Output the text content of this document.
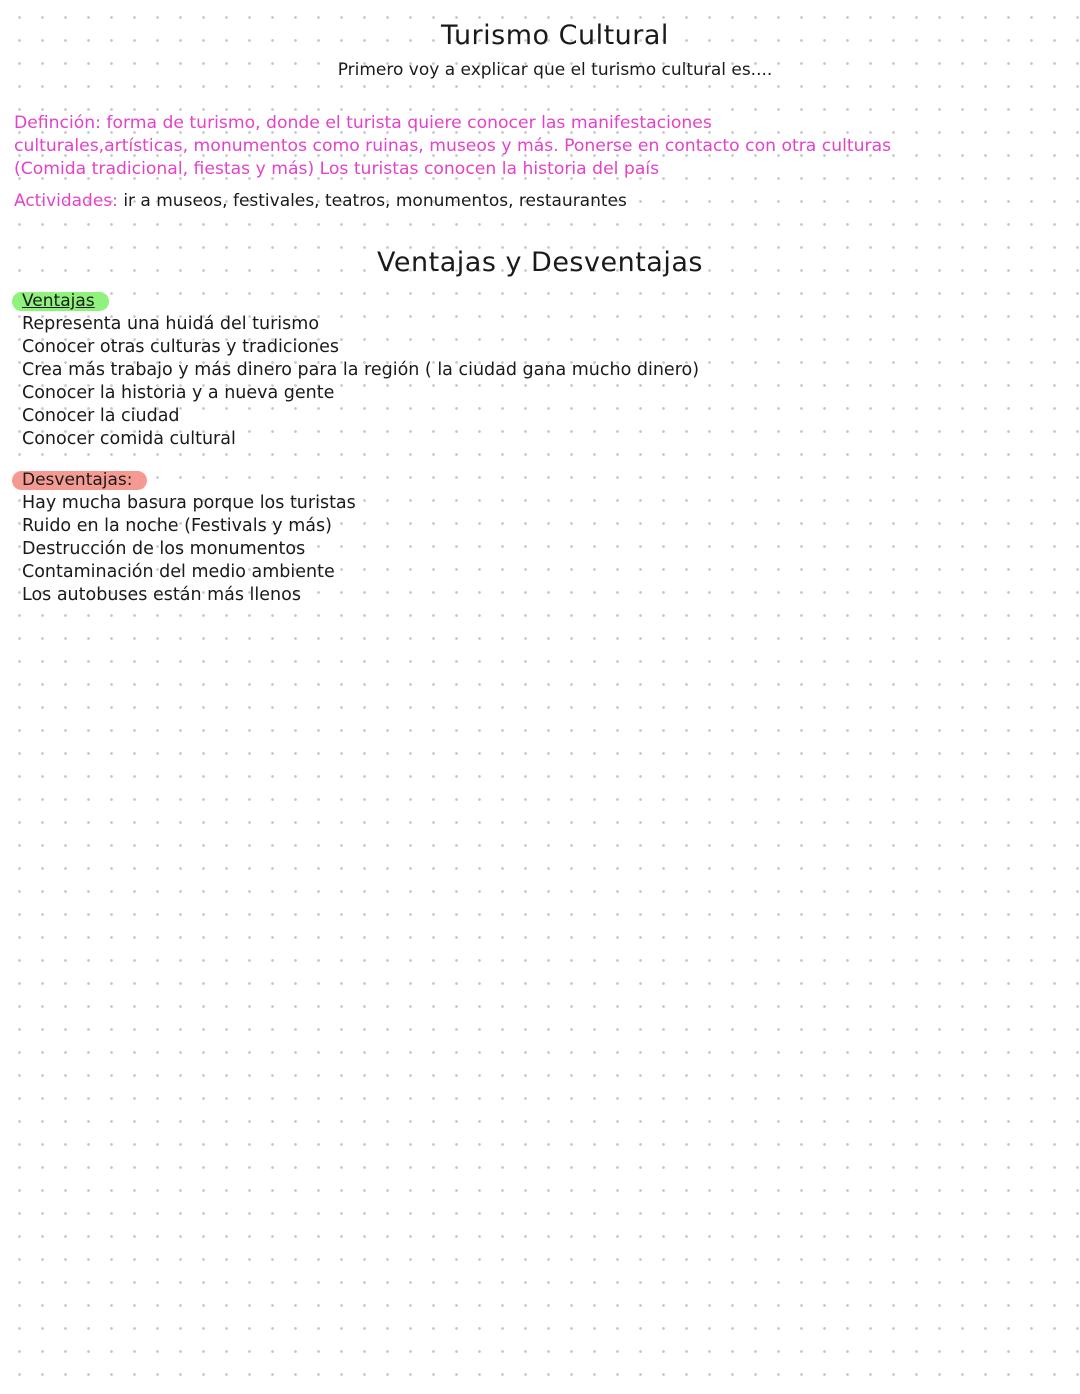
Turismo Cultural
Primero voy a explicar que el turismo cultural es....

Definción: forma de turismo, donde el turista quiere conocer las manifestaciones
culturales,artísticas, monumentos como ruinas, museos y más. Ponerse en contacto con otra culturas
(Comida tradicional, fiestas y más) Los turistas conocen la historia del país

Actividades: ir a museos, festivales, teatros, monumentos, restaurantes
Ventajas y Desventajas
Ventajas
Representa una huidá del turismo
Conocer otras culturas y tradiciones
Crea más trabajo y más dinero para la región ( la ciudad gana mucho dinero)
Conocer la historia y a nueva gente
Conocer la ciudad
Conocer comida cultural
Desventajas:
Hay mucha basura porque los turistas
Ruido en la noche (Festivals y más)
Destrucción de los monumentos
Contaminación del medio ambiente
Los autobuses están más llenos
